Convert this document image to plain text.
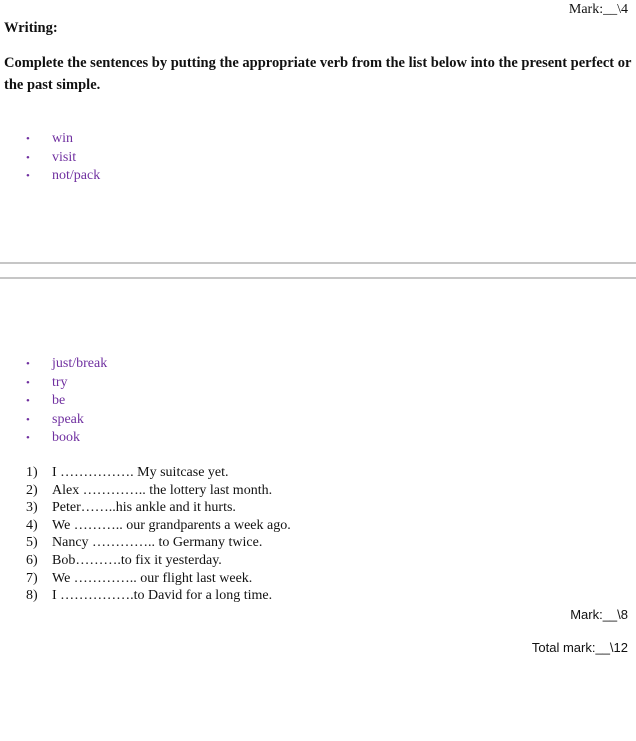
Mark:__\4
Writing:
Complete the sentences by putting the appropriate verb from the list below into the present perfect or the past simple.
• win
• visit
• not/pack
• just/break
• try
• be
• speak
• book
1) I ……………. My suitcase yet.
2) Alex ………….. the lottery last month.
3) Peter……..his ankle and it hurts.
4) We ……….. our grandparents a week ago.
5) Nancy ………….. to Germany twice.
6) Bob……….to fix it yesterday.
7) We ………….. our flight last week.
8) I …………….to David for a long time.
Mark:__\8
Total mark:__\12
